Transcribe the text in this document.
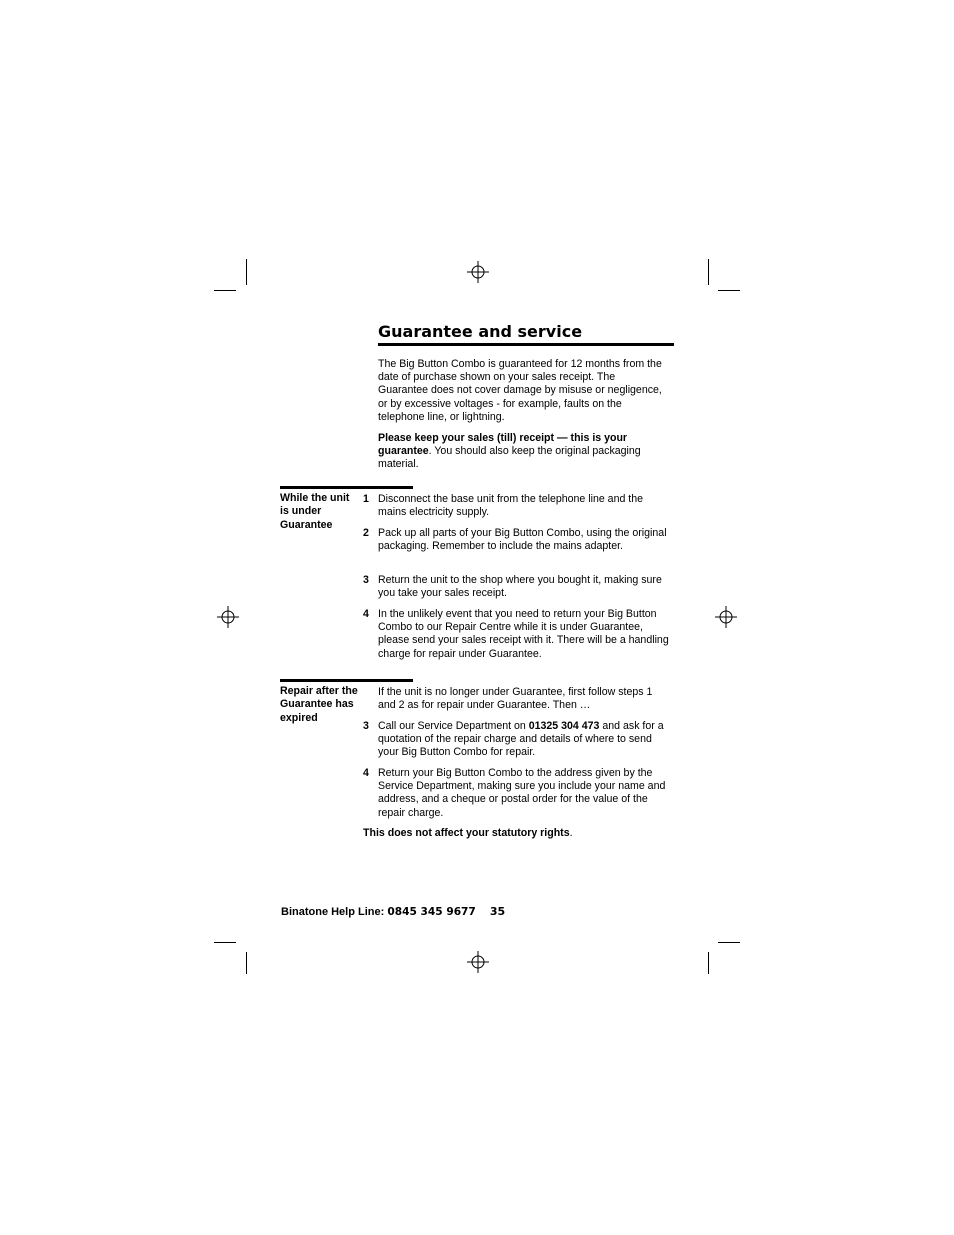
Guarantee and service
The Big Button Combo is guaranteed for 12 months from the date of purchase shown on your sales receipt. The Guarantee does not cover damage by misuse or negligence, or by excessive voltages - for example, faults on the telephone line, or lightning.
Please keep your sales (till) receipt — this is your guarantee. You should also keep the original packaging material.
While the unit is under Guarantee
1 Disconnect the base unit from the telephone line and the mains electricity supply.
2 Pack up all parts of your Big Button Combo, using the original packaging. Remember to include the mains adapter.
3 Return the unit to the shop where you bought it, making sure you take your sales receipt.
4 In the unlikely event that you need to return your Big Button Combo to our Repair Centre while it is under Guarantee, please send your sales receipt with it. There will be a handling charge for repair under Guarantee.
Repair after the Guarantee has expired
If the unit is no longer under Guarantee, first follow steps 1 and 2 as for repair under Guarantee. Then …
3 Call our Service Department on 01325 304 473 and ask for a quotation of the repair charge and details of where to send your Big Button Combo for repair.
4 Return your Big Button Combo to the address given by the Service Department, making sure you include your name and address, and a cheque or postal order for the value of the repair charge.
This does not affect your statutory rights.
Binatone Help Line: 0845 345 9677 35
